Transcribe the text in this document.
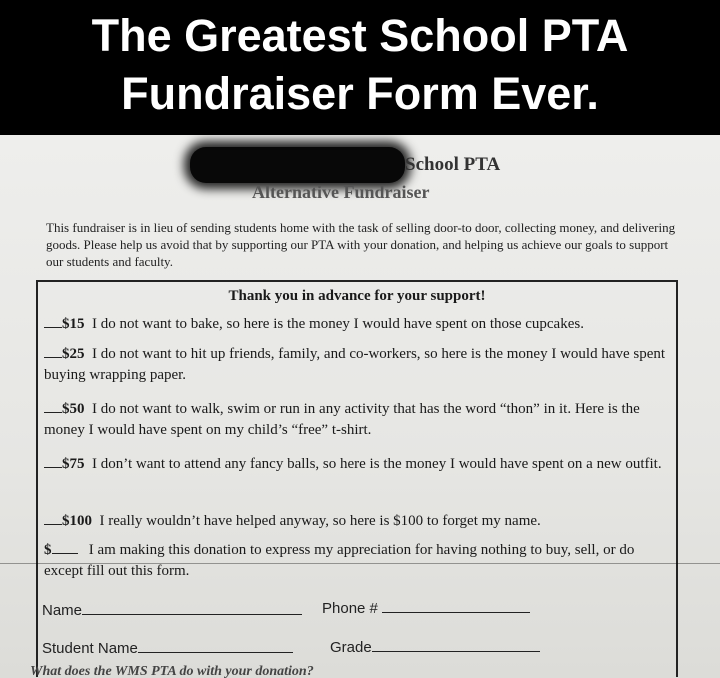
The Greatest School PTA
Fundraiser Form Ever.
School PTA
Alternative Fundraiser
This fundraiser is in lieu of sending students home with the task of selling door-to door, collecting money, and delivering goods. Please help us avoid that by supporting our PTA with your donation, and helping us achieve our goals to support our students and faculty.
Thank you in advance for your support!
$15 I do not want to bake, so here is the money I would have spent on those cupcakes.
$25 I do not want to hit up friends, family, and co-workers, so here is the money I would have spent buying wrapping paper.
$50 I do not want to walk, swim or run in any activity that has the word “thon” in it. Here is the money I would have spent on my child’s “free” t-shirt.
$75 I don’t want to attend any fancy balls, so here is the money I would have spent on a new outfit.
$100 I really wouldn’t have helped anyway, so here is $100 to forget my name.
$ I am making this donation to express my appreciation for having nothing to buy, sell, or do except fill out this form.
Name	Phone #
Student Name	Grade
What does the WMS PTA do with your donation?
